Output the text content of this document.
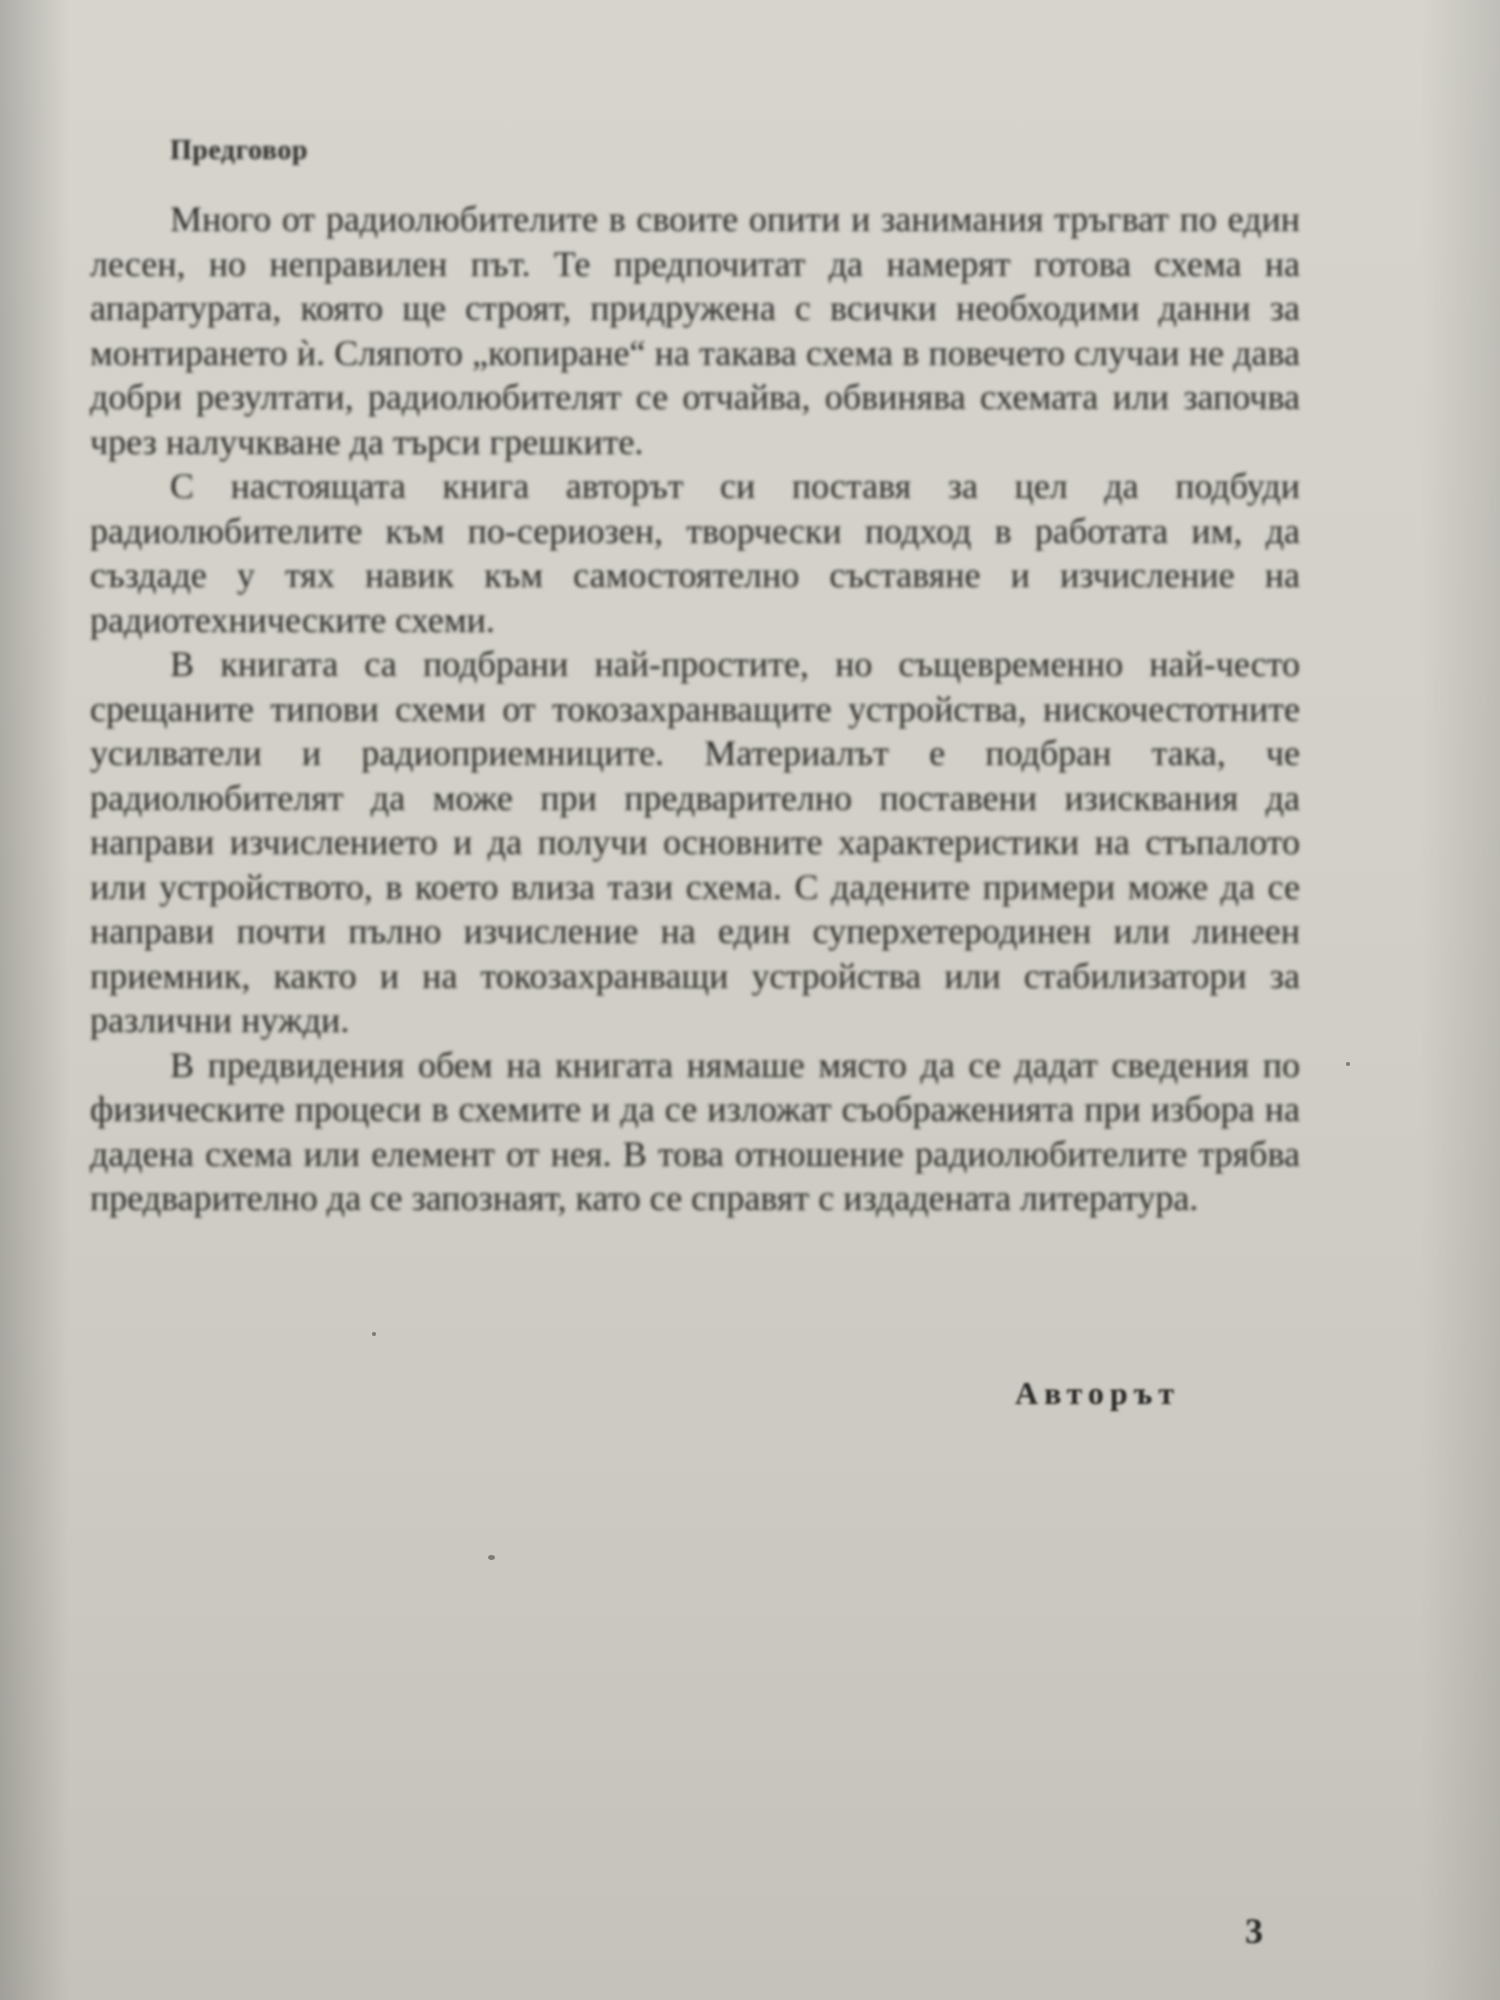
Предговор

Много от радиолюбителите в своите опити и занимания тръгват по един лесен, но неправилен път. Те предпочитат да намерят готова схема на апаратурата, която ще строят, придружена с всички необходими данни за монтирането ѝ. Сляпото „копиране“ на такава схема в повечето случаи не дава добри резултати, радиолюбителят се отчайва, обвинява схемата или започва чрез налучкване да търси грешките.

С настоящата книга авторът си поставя за цел да подбуди радиолюбителите към по-сериозен, творчески подход в работата им, да създаде у тях навик към самостоятелно съставяне и изчисление на радиотехническите схеми.

В книгата са подбрани най-простите, но същевременно най-често срещаните типови схеми от токозахранващите устройства, нискочестотните усилватели и радиоприемниците. Материалът е подбран така, че радиолюбителят да може при предварително поставени изисквания да направи изчислението и да получи основните характеристики на стъпалото или устройството, в което влиза тази схема. С дадените примери може да се направи почти пълно изчисление на един суперхетеродинен или линеен приемник, както и на токозахранващи устройства или стабилизатори за различни нужди.

В предвидения обем на книгата нямаше място да се дадат сведения по физичеcките процеси в схемите и да се изложат съображенията при избора на дадена схема или елемент от нея. В това отношение радиолюбителите трябва предварително да се запознаят, като се справят с издадената литература.

Авторът
3
